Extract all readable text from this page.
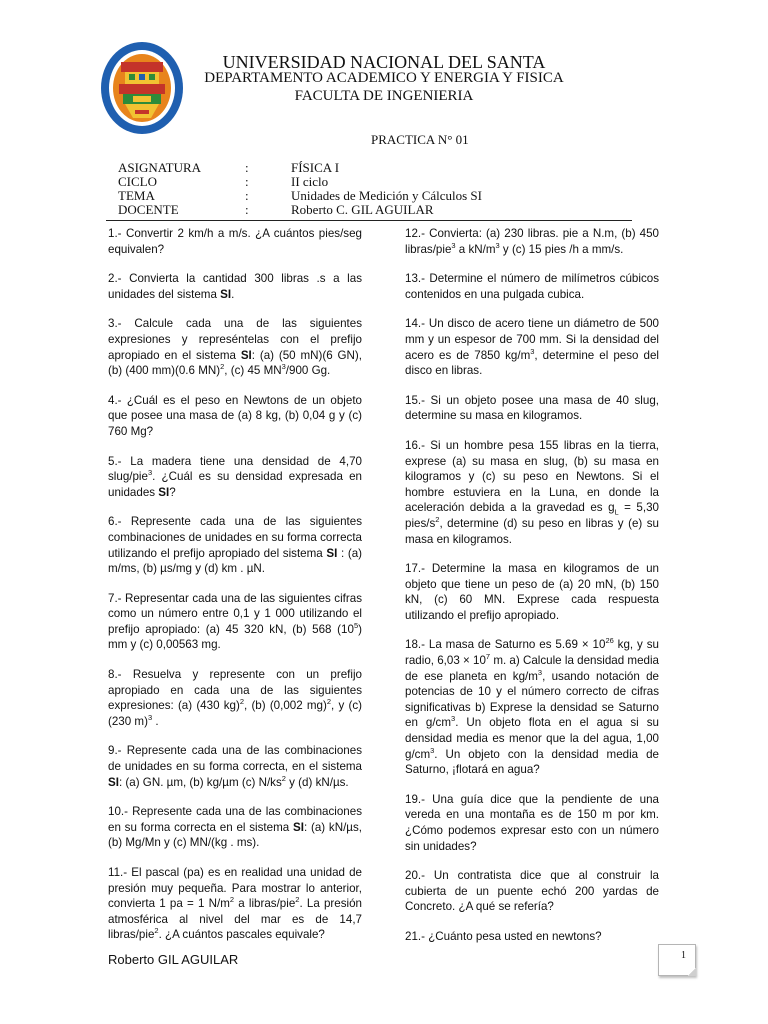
UNIVERSIDAD NACIONAL DEL SANTA
DEPARTAMENTO ACADEMICO Y ENERGIA Y FISICA
FACULTA DE INGENIERIA
PRACTICA N° 01
ASIGNATURA	:	FÍSICA I
CICLO	:	II ciclo
TEMA	:	Unidades de Medición y Cálculos SI
DOCENTE	:	Roberto C. GIL AGUILAR

1.- Convertir 2 km/h a m/s. ¿A cuántos pies/seg equivalen?

2.- Convierta la cantidad 300 libras .s a las unidades del sistema SI.

3.- Calcule cada una de las siguientes expresiones y represéntelas con el prefijo apropiado en el sistema SI: (a) (50 mN)(6 GN), (b) (400 mm)(0.6 MN)$^2$, (c) 45 $MN^3/900$ Gg.

4.- ¿Cuál es el peso en Newtons de un objeto que posee una masa de (a) 8 kg, (b) 0,04 g y (c) 760 Mg?

5.- La madera tiene una densidad de 4,70 slug/pie$^3$. ¿Cuál es su densidad expresada en unidades SI?

6.- Represente cada una de las siguientes combinaciones de unidades en su forma correcta utilizando el prefijo apropiado del sistema SI : (a) m/ms, (b) µs/mg y (d) km . µN.

7.- Representar cada una de las siguientes cifras como un número entre 0,1 y 1 000 utilizando el prefijo apropiado: (a) 45 320 kN, (b) 568 $(10^5)$ mm y (c) 0,00563 mg.

8.- Resuelva y represente con un prefijo apropiado en cada una de las siguientes expresiones: (a) (430 kg)$^2$, (b) (0,002 mg)$^2$, y (c) (230 m)$^3$ .

9.- Represente cada una de las combinaciones de unidades en su forma correcta, en el sistema SI: (a) GN. µm, (b) kg/µm (c) $N/ks^2$ y (d) kN/µs.

10.- Represente cada una de las combinaciones en su forma correcta en el sistema SI: (a) kN/µs, (b) Mg/Mn y (c) MN/(kg . ms).

11.- El pascal (pa) es en realidad una unidad de presión muy pequeña. Para mostrar lo anterior, convierta 1 pa = 1 $N/m^2$ a libras/pie$^2$. La presión atmosférica al nivel del mar es de 14,7 libras/pie$^2$. ¿A cuántos pascales equivale?

12.- Convierta: (a) 230 libras. pie a N.m, (b) 450 libras/pie$^3$ a $kN/m^3$ y (c) 15 pies /h a mm/s.

13.- Determine el número de milímetros cúbicos contenidos en una pulgada cubica.

14.- Un disco de acero tiene un diámetro de 500 mm y un espesor de 700 mm. Si la densidad del acero es de 7850 $kg/m^3$, determine el peso del disco en libras.

15.- Si un objeto posee una masa de 40 slug, determine su masa en kilogramos.

16.- Si un hombre pesa 155 libras en la tierra, exprese (a) su masa en slug, (b) su masa en kilogramos y (c) su peso en Newtons. Si el hombre estuviera en la Luna, en donde la aceleración debida a la gravedad es $g_L = 5,30$ pies/$s^2$, determine (d) su peso en libras y (e) su masa en kilogramos.

17.- Determine la masa en kilogramos de un objeto que tiene un peso de (a) 20 mN, (b) 150 kN, (c) 60 MN. Exprese cada respuesta utilizando el prefijo apropiado.

18.- La masa de Saturno es $5.69 \times 10^{26}$ kg, y su radio, $6,03 \times 10^7$ m. a) Calcule la densidad media de ese planeta en $kg/m^3$, usando notación de potencias de 10 y el número correcto de cifras significativas b) Exprese la densidad se Saturno en $g/cm^3$. Un objeto flota en el agua si su densidad media es menor que la del agua, 1,00 $g/cm^3$. Un objeto con la densidad media de Saturno, ¡flotará en agua?

19.- Una guía dice que la pendiente de una vereda en una montaña es de 150 m por km. ¿Cómo podemos expresar esto con un número sin unidades?

20.- Un contratista dice que al construir la cubierta de un puente echó 200 yardas de Concreto. ¿A qué se refería?

21.- ¿Cuánto pesa usted en newtons?

Roberto GIL AGUILAR	1
